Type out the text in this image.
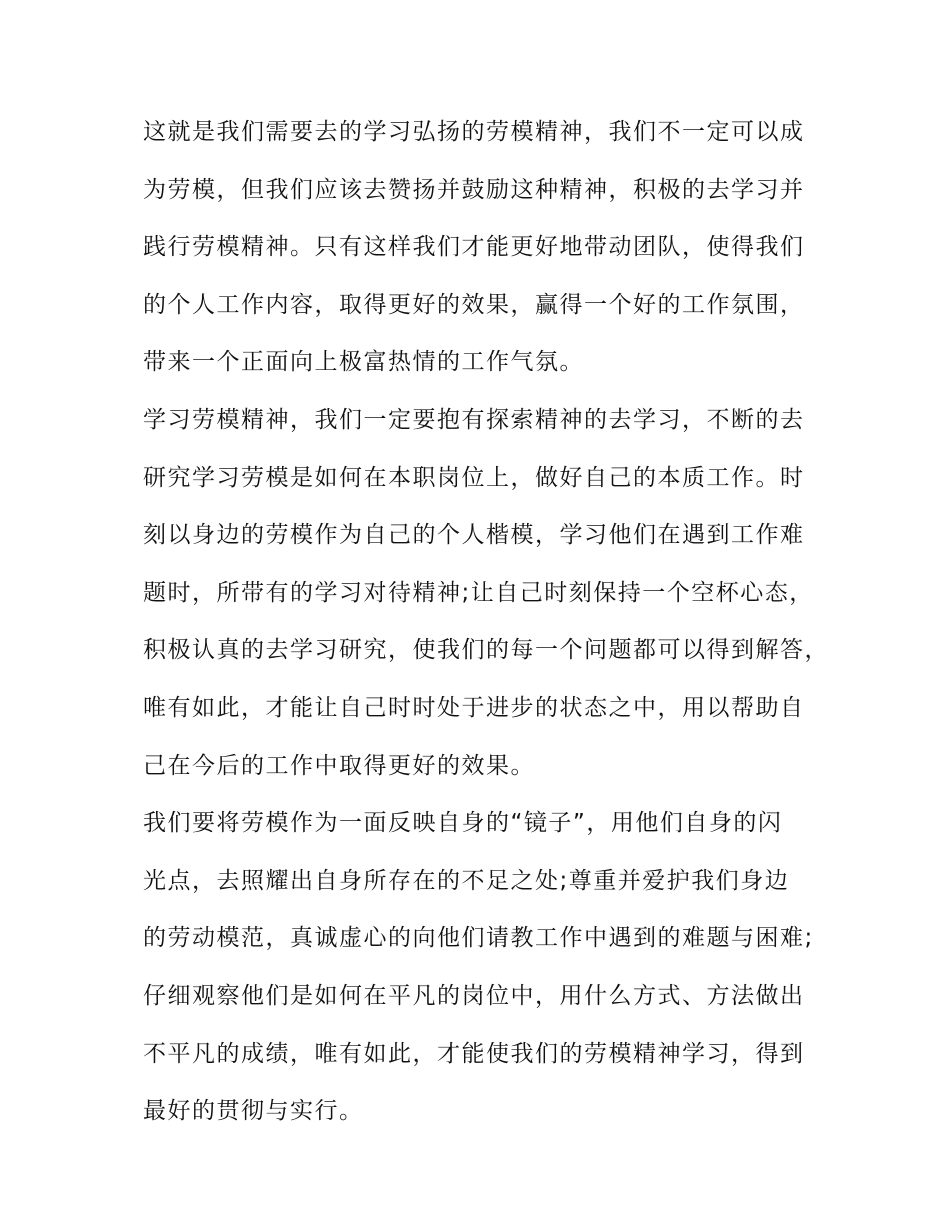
这就是我们需要去的学习弘扬的劳模精神，我们不一定可以成
为劳模，但我们应该去赞扬并鼓励这种精神，积极的去学习并
践行劳模精神。只有这样我们才能更好地带动团队，使得我们
的个人工作内容，取得更好的效果，赢得一个好的工作氛围，
带来一个正面向上极富热情的工作气氛。
学习劳模精神，我们一定要抱有探索精神的去学习，不断的去
研究学习劳模是如何在本职岗位上，做好自己的本质工作。时
刻以身边的劳模作为自己的个人楷模，学习他们在遇到工作难
题时，所带有的学习对待精神;让自己时刻保持一个空杯心态，
积极认真的去学习研究，使我们的每一个问题都可以得到解答，
唯有如此，才能让自己时时处于进步的状态之中，用以帮助自
己在今后的工作中取得更好的效果。
我们要将劳模作为一面反映自身的“镜子”，用他们自身的闪
光点，去照耀出自身所存在的不足之处;尊重并爱护我们身边
的劳动模范，真诚虚心的向他们请教工作中遇到的难题与困难;
仔细观察他们是如何在平凡的岗位中，用什么方式、方法做出
不平凡的成绩，唯有如此，才能使我们的劳模精神学习，得到
最好的贯彻与实行。
